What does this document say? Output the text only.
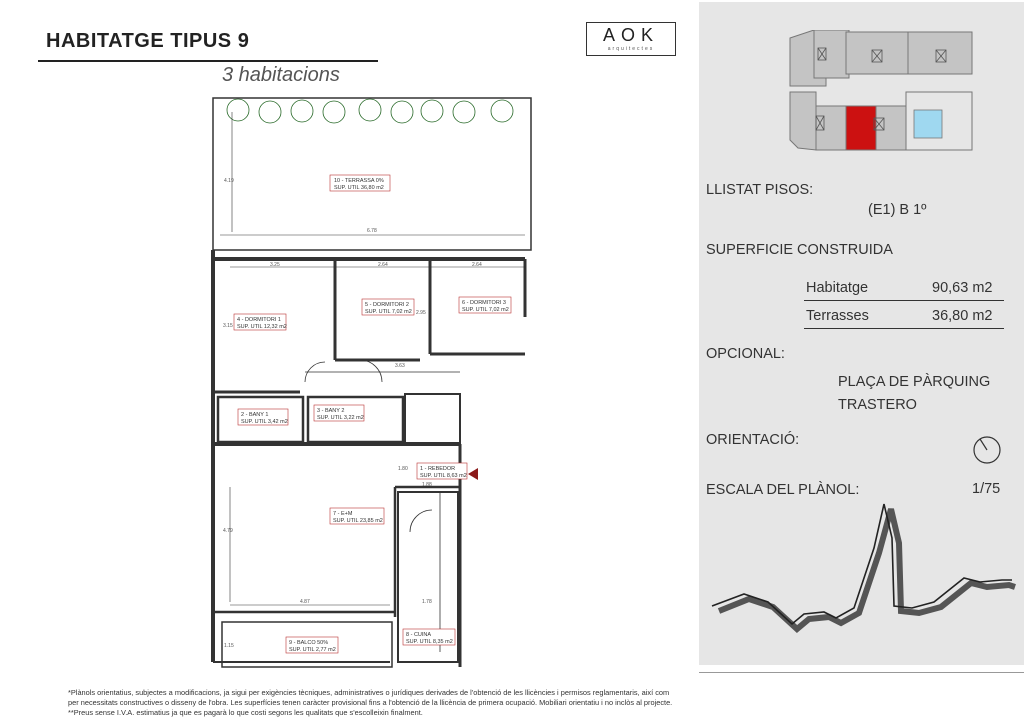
HABITATGE TIPUS 9
3 habitacions
AOK
arquitectes
10 - TERRASSA 0%
SUP. UTIL 36,80 m2
4 - DORMITORI 1
SUP. UTIL 12,32 m2
5 - DORMITORI 2
SUP. UTIL 7,02 m2
6 - DORMITORI 3
SUP. UTIL 7,02 m2
2 - BANY 1
SUP. UTIL 3,42 m2
3 - BANY 2
SUP. UTIL 3,22 m2
1 - REBEDOR
SUP. UTIL 8,63 m2
7 - E+M
SUP. UTIL 23,85 m2
9 - BALCO 50%
SUP. UTIL 2,77 m2
8 - CUINA
SUP. UTIL 8,35 m2
4.19
6.78
3.25	2.64	2.64
3.15
2.95
3.63
4.79
1.80
1.88
4.87	1.78
1.15
*Plànols orientatius, subjectes a modificacions, ja sigui per exigències tècniques, administratives o jurídiques derivades de l'obtenció de les llicències i permisos reglamentaris, així com per necessitats constructives o disseny de l'obra. Les superfícies tenen caràcter provisional fins a l'obtenció de la llicència de primera ocupació. Mobiliari orientatiu i no inclòs al projecte. **Preus sense I.V.A. estimatius ja que es pagarà lo que costi segons les qualitats que s'escolleixin finalment.
LLISTAT PISOS:
(E1) B 1º
SUPERFICIE CONSTRUIDA
Habitatge	90,63 m2
Terrasses	36,80 m2
OPCIONAL:
PLAÇA DE PÀRQUING
TRASTERO
ORIENTACIÓ:
ESCALA DEL PLÀNOL:	1/75
